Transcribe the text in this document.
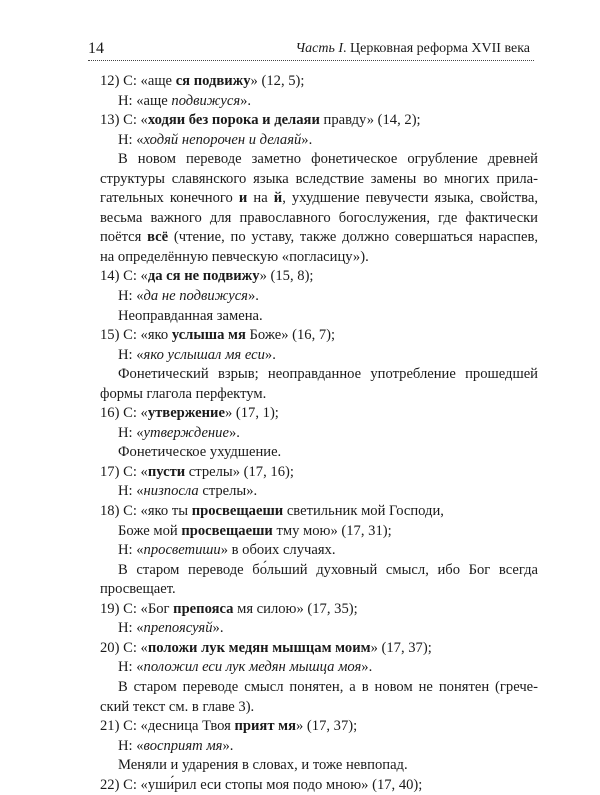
14	Часть I. Церковная реформа XVII века
12) С: «аще ся подвижу» (12, 5);
Н: «аще подвижуся».
13) С: «ходяи без порока и делаяи правду» (14, 2);
Н: «ходяй непорочен и делаяй».
В новом переводе заметно фонетическое огрубление древней
структуры славянского языка вследствие замены во многих прила-
гательных конечного и на й, ухудшение певучести языка, свойства,
весьма важного для православного богослужения, где фактически
поётся всё (чтение, по уставу, также должно совершаться нараспев,
на определённую певческую «погласицу»).
14) С: «да ся не подвижу» (15, 8);
Н: «да не подвижуся».
Неоправданная замена.
15) С: «яко услыша мя Боже» (16, 7);
Н: «яко услышал мя еси».
Фонетический взрыв; неоправданное употребление прошедшей
формы глагола перфектум.
16) С: «утвержение» (17, 1);
Н: «утверждение».
Фонетическое ухудшение.
17) С: «пусти стрелы» (17, 16);
Н: «низпосла стрелы».
18) С: «яко ты просвещаеши светильник мой Господи,
Боже мой просвещаеши тму мою» (17, 31);
Н: «просветиши» в обоих случаях.
В старом переводе бо́льший духовный смысл, ибо Бог всегда
просвещает.
19) С: «Бог препояса мя силою» (17, 35);
Н: «препоясуяй».
20) С: «положи лук медян мышцам моим» (17, 37);
Н: «положил еси лук медян мышца моя».
В старом переводе смысл понятен, а в новом не понятен (грече-
ский текст см. в главе 3).
21) С: «десница Твоя прият мя» (17, 37);
Н: «восприят мя».
Меняли и ударения в словах, и тоже невпопад.
22) С: «уши́рил еси стопы моя подо мною» (17, 40);
